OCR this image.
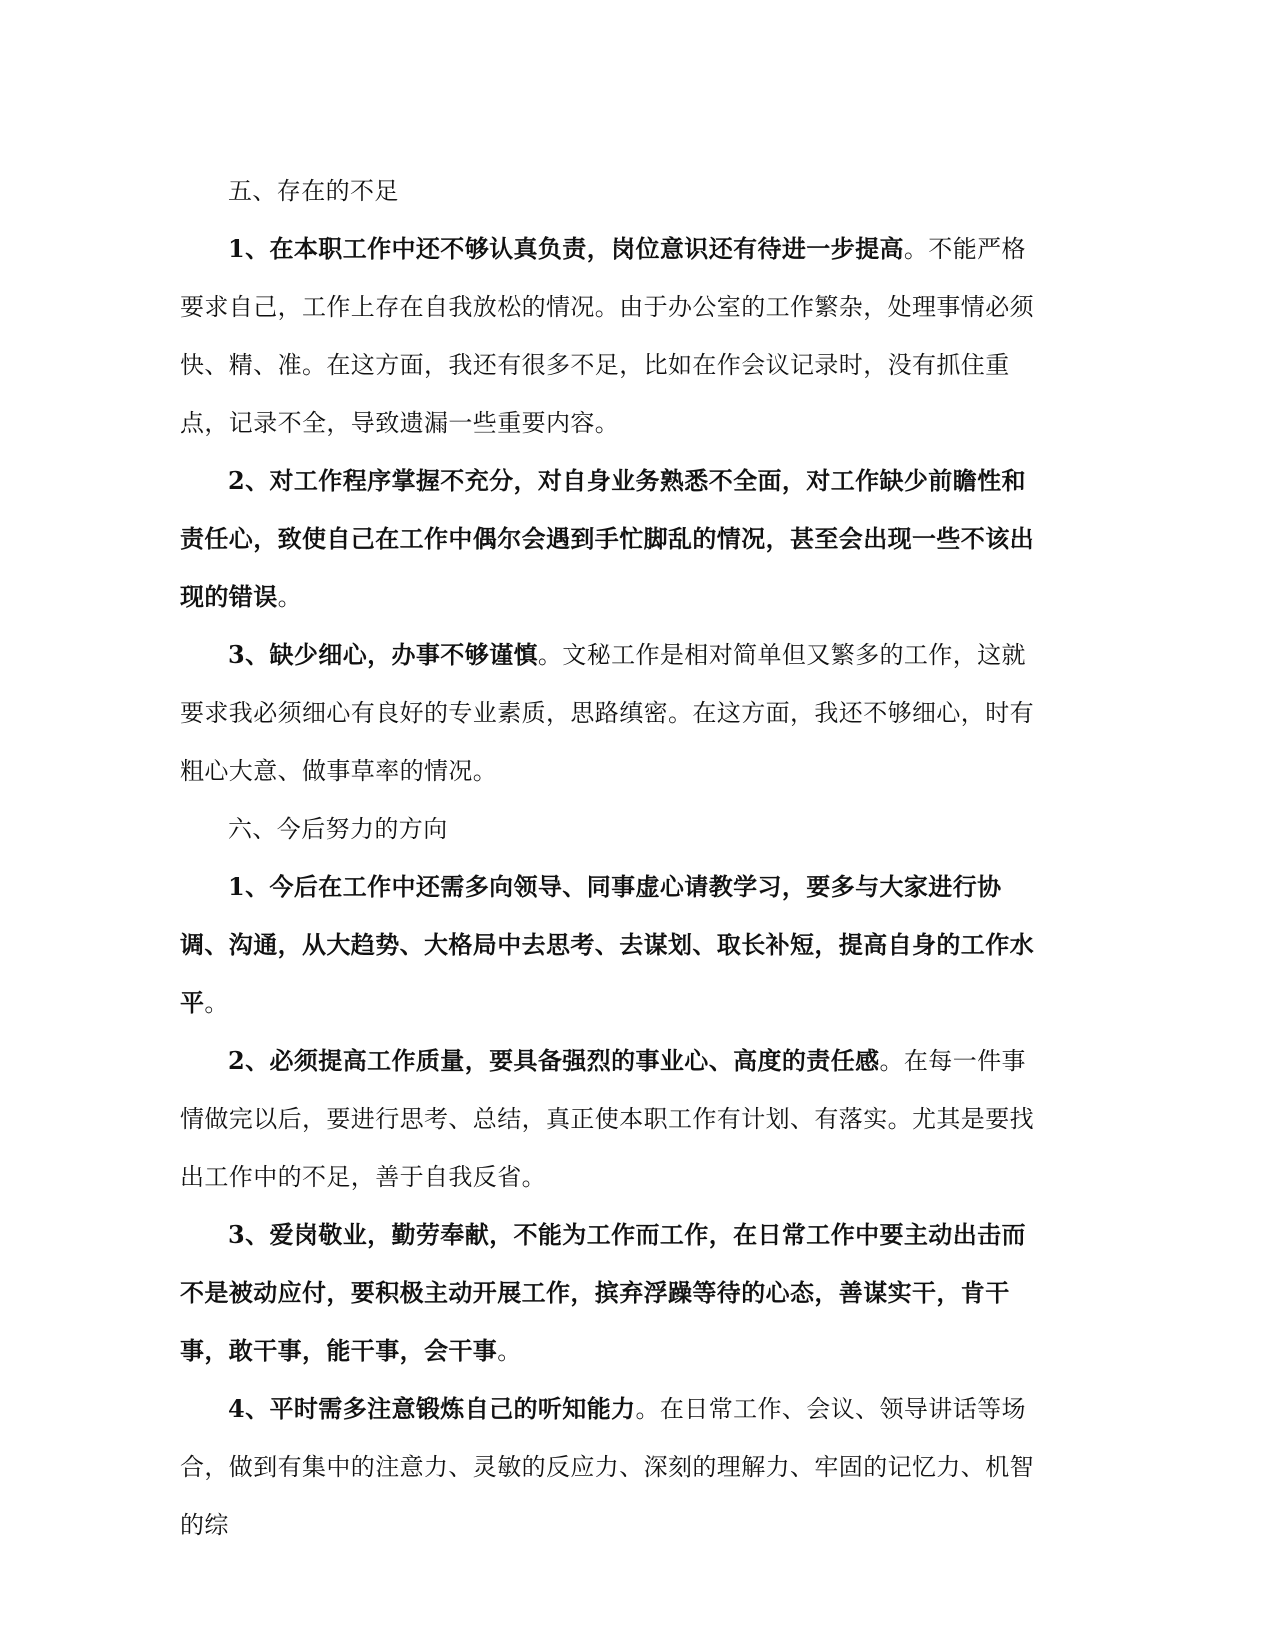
五、存在的不足

1、在本职工作中还不够认真负责，岗位意识还有待进一步提高。不能严格要求自己，工作上存在自我放松的情况。由于办公室的工作繁杂，处理事情必须快、精、准。在这方面，我还有很多不足，比如在作会议记录时，没有抓住重点，记录不全，导致遗漏一些重要内容。

2、对工作程序掌握不充分，对自身业务熟悉不全面，对工作缺少前瞻性和责任心，致使自己在工作中偶尔会遇到手忙脚乱的情况，甚至会出现一些不该出现的错误。

3、缺少细心，办事不够谨慎。文秘工作是相对简单但又繁多的工作，这就要求我必须细心有良好的专业素质，思路缜密。在这方面，我还不够细心，时有粗心大意、做事草率的情况。

六、今后努力的方向

1、今后在工作中还需多向领导、同事虚心请教学习，要多与大家进行协调、沟通，从大趋势、大格局中去思考、去谋划、取长补短，提高自身的工作水平。

2、必须提高工作质量，要具备强烈的事业心、高度的责任感。在每一件事情做完以后，要进行思考、总结，真正使本职工作有计划、有落实。尤其是要找出工作中的不足，善于自我反省。

3、爱岗敬业，勤劳奉献，不能为工作而工作，在日常工作中要主动出击而不是被动应付，要积极主动开展工作，摈弃浮躁等待的心态，善谋实干，肯干事，敢干事，能干事，会干事。

4、平时需多注意锻炼自己的听知能力。在日常工作、会议、领导讲话等场合，做到有集中的注意力、灵敏的反应力、深刻的理解力、牢固的记忆力、机智的综
